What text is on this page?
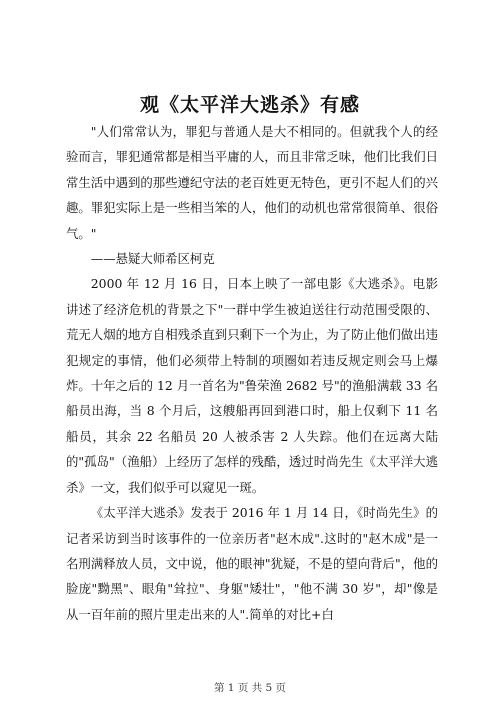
观《太平洋大逃杀》有感

"人们常常认为，罪犯与普通人是大不相同的。但就我个人的经验而言，罪犯通常都是相当平庸的人，而且非常乏味，他们比我们日常生活中遇到的那些遵纪守法的老百姓更无特色，更引不起人们的兴趣。罪犯实际上是一些相当笨的人，他们的动机也常常很简单、很俗气。"

——悬疑大师希区柯克

2000 年 12 月 16 日，日本上映了一部电影《大逃杀》。电影讲述了经济危机的背景之下"一群中学生被迫送往行动范围受限的、荒无人烟的地方自相残杀直到只剩下一个为止，为了防止他们做出违犯规定的事情，他们必须带上特制的项圈如若违反规定则会马上爆炸。十年之后的 12 月一首名为"鲁荣渔 2682 号"的渔船满载 33 名船员出海，当 8 个月后，这艘船再回到港口时，船上仅剩下 11 名船员，其余 22 名船员 20 人被杀害 2 人失踪。他们在远离大陆的"孤岛"（渔船）上经历了怎样的残酷，透过时尚先生《太平洋大逃杀》一文，我们似乎可以窥见一斑。

《太平洋大逃杀》发表于 2016 年 1 月 14 日，《时尚先生》的记者采访到当时该事件的一位亲历者"赵木成".这时的"赵木成"是一名刑满释放人员，文中说，他的眼神"犹疑，不是的望向背后"，他的脸庞"黝黑"、眼角"耸拉"、身躯"矮壮"，"他不满 30 岁"，却"像是从一百年前的照片里走出来的人".简单的对比+白

第 1 页 共 5 页
